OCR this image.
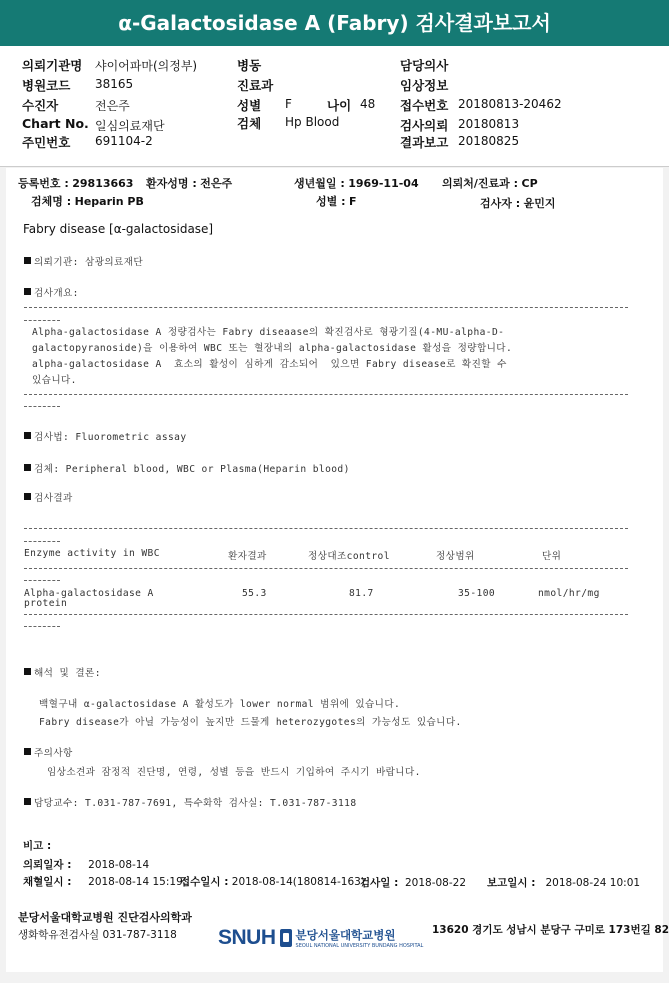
α-Galactosidase A (Fabry) 검사결과보고서
의뢰기관명 샤이어파마(의정부)
병원코드 38165
수진자	전은주
Chart No. 일심의료재단
주민번호 691104-2
병동
진료과
성별 F	나이 48
검체 Hp Blood
담당의사
임상정보
접수번호 20180813-20462
검사의뢰 20180813
결과보고 20180825
등록번호 : 29813663 환자성명 : 전은주	생년월일 : 1969-11-04 의뢰처/진료과 : CP
검체명 : Heparin PB	성별 : F	검사자 : 윤민지
Fabry disease [α-galactosidase]
의뢰기관: 삼광의료재단
검사개요:
Alpha-galactosidase A 정량검사는 Fabry diseaase의 확진검사로 형광기질(4-MU-alpha-D-
galactopyranoside)을 이용하여 WBC 또는 혈장내의 alpha-galactosidase 활성을 정량합니다.
alpha-galactosidase A  효소의 활성이 심하게 감소되어  있으면 Fabry disease로 확진할 수
있습니다.
검사법: Fluorometric assay
검체: Peripheral blood, WBC or Plasma(Heparin blood)
검사결과
Enzyme activity in WBC	환자결과	정상대조control	정상범위	단위
Alpha-galactosidase A
protein
55.3	81.7	35-100	nmol/hr/mg
해석 및 결론:
백혈구내 α-galactosidase A 활성도가 lower normal 범위에 있습니다.
Fabry disease가 아닐 가능성이 높지만 드물게 heterozygotes의 가능성도 있습니다.
주의사항
임상소견과 잠정적 진단명, 연령, 성별 등을 반드시 기입하여 주시기 바랍니다.
담당교수: T.031-787-7691, 특수화학 검사실: T.031-787-3118
비고 :
의뢰일자 : 2018-08-14
채혈일시 : 2018-08-14 15:19
접수일시 : 2018-08-14(180814-163)
검사일 : 2018-08-22 보고일시 : 2018-08-24 10:01
분당서울대학교병원 진단검사의학과
생화학유전검사실 031-787-3118 SNUH 분당서울대학교병원
SEOUL NATIONAL UNIVERSITY BUNDANG HOSPITAL
13620 경기도 성남시 분당구 구미로 173번길 82
